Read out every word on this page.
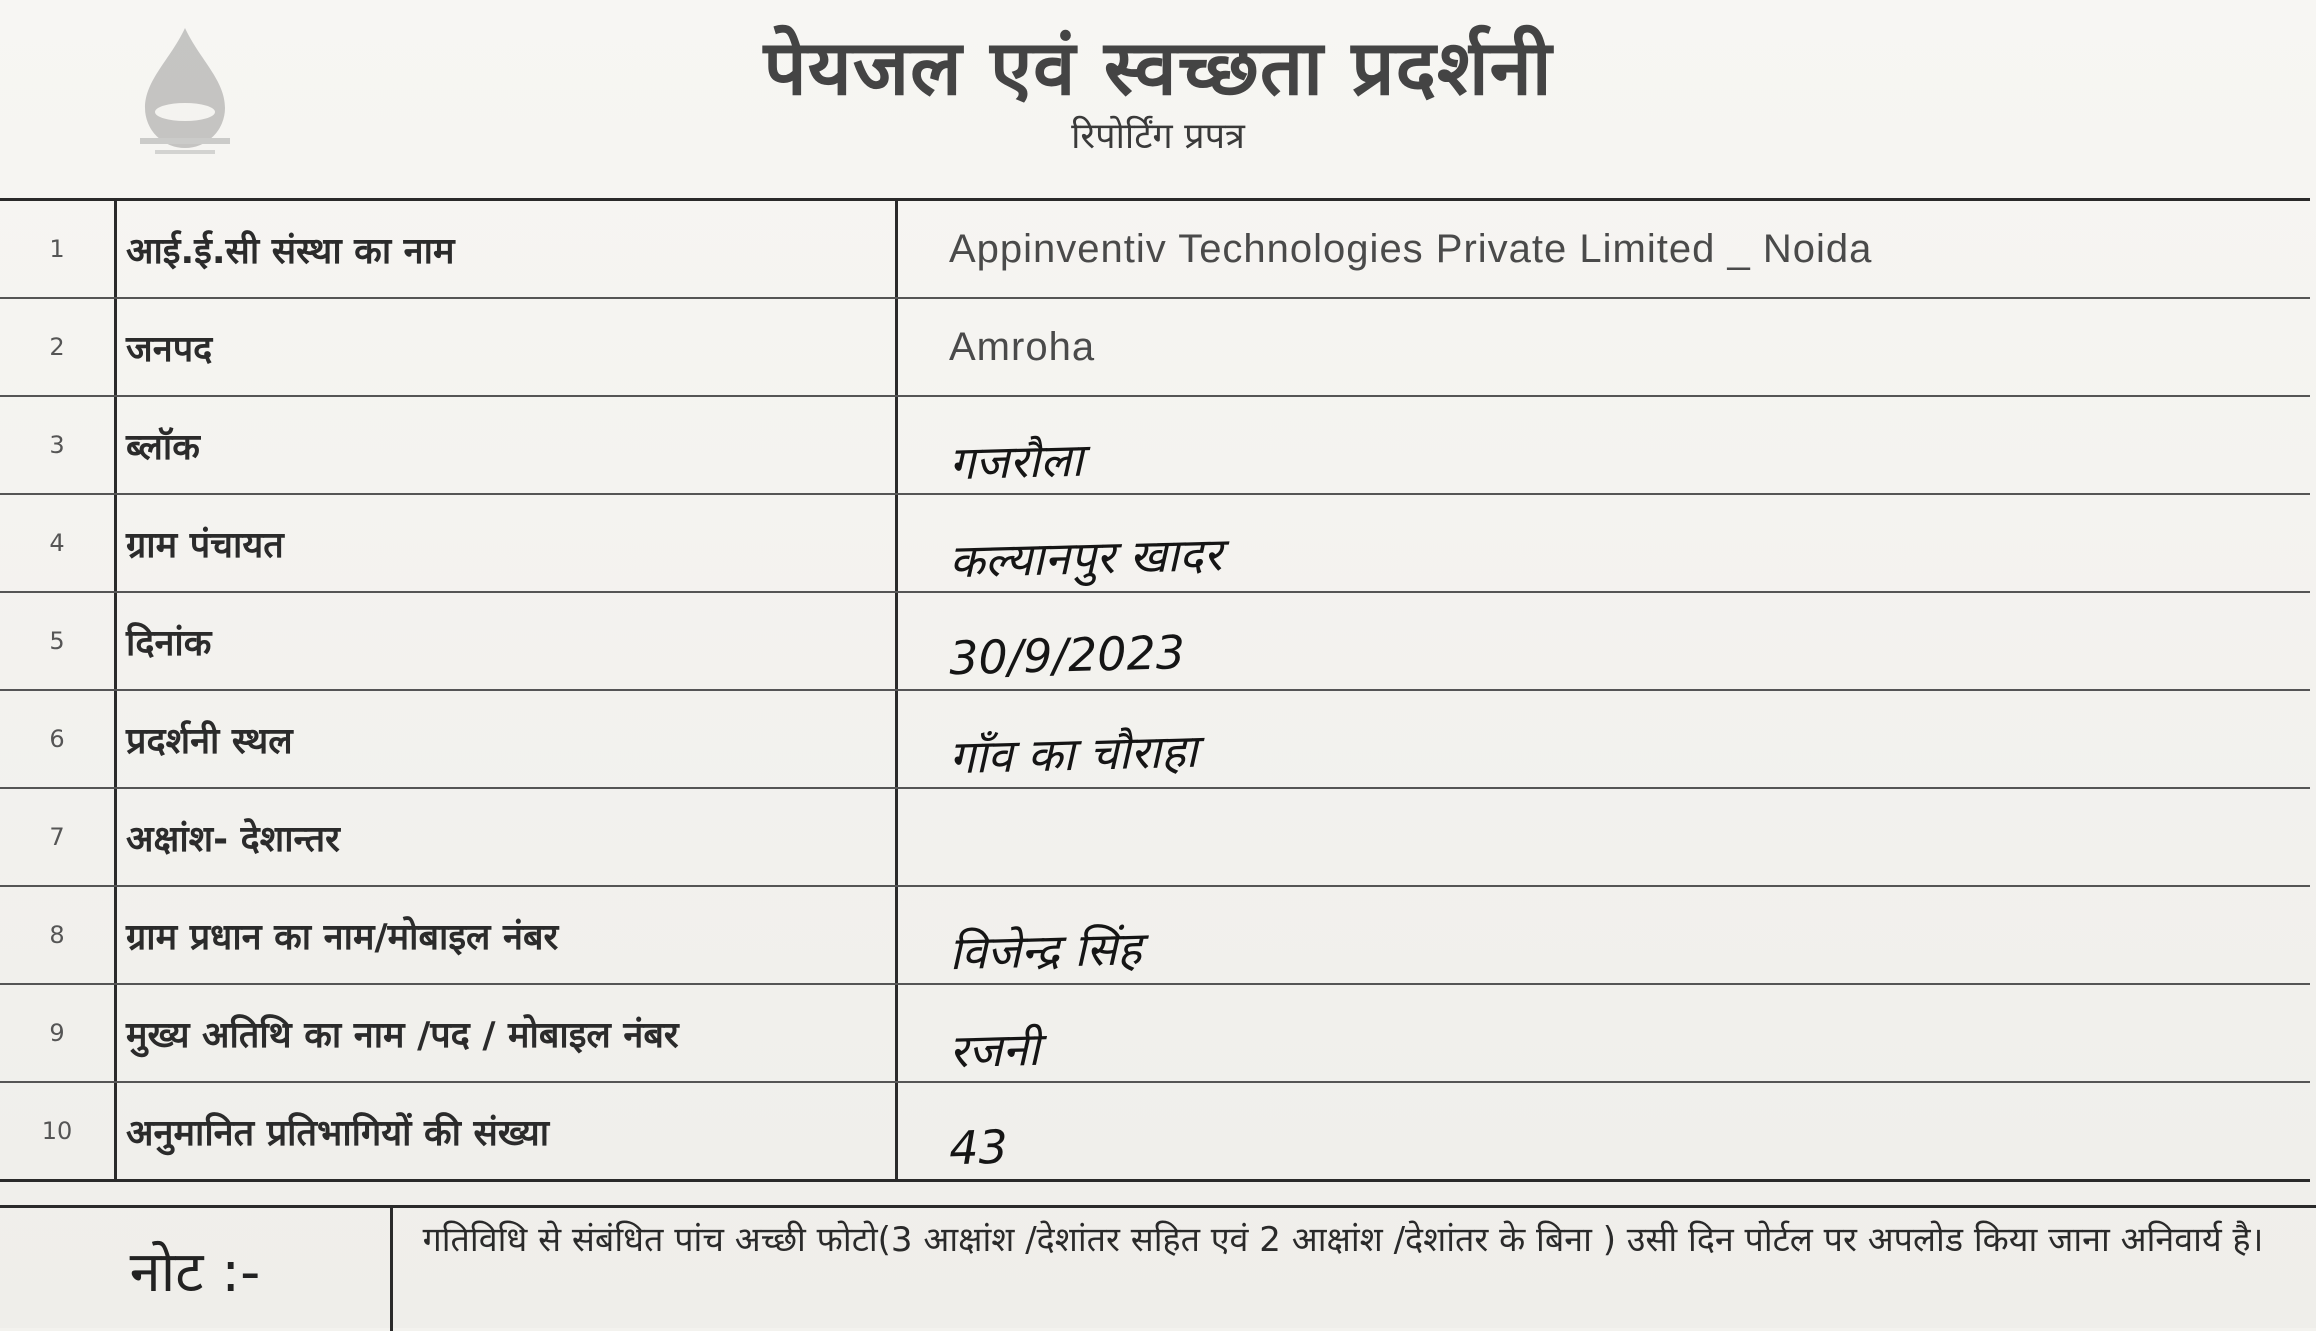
पेयजल एवं स्वच्छता प्रदर्शनी
रिपोर्टिंग प्रपत्र
1	आई.ई.सी संस्था का नाम	Appinventiv Technologies Private Limited _ Noida
2	जनपद	Amroha
3	ब्लॉक	गजरौला
4	ग्राम पंचायत	कल्यानपुर खादर
5	दिनांक	30/9/2023
6	प्रदर्शनी स्थल	गाँव का चौराहा
7	अक्षांश- देशान्तर
8	ग्राम प्रधान का नाम/मोबाइल नंबर	विजेन्द्र सिंह
9	मुख्य अतिथि का नाम /पद / मोबाइल नंबर	रजनी
10	अनुमानित प्रतिभागियों की संख्या	43
नोट :-	गतिविधि से संबंधित पांच अच्छी फोटो(3 आक्षांश /देशांतर सहित एवं 2 आक्षांश /देशांतर के बिना ) उसी दिन पोर्टल पर अपलोड किया जाना अनिवार्य है।
